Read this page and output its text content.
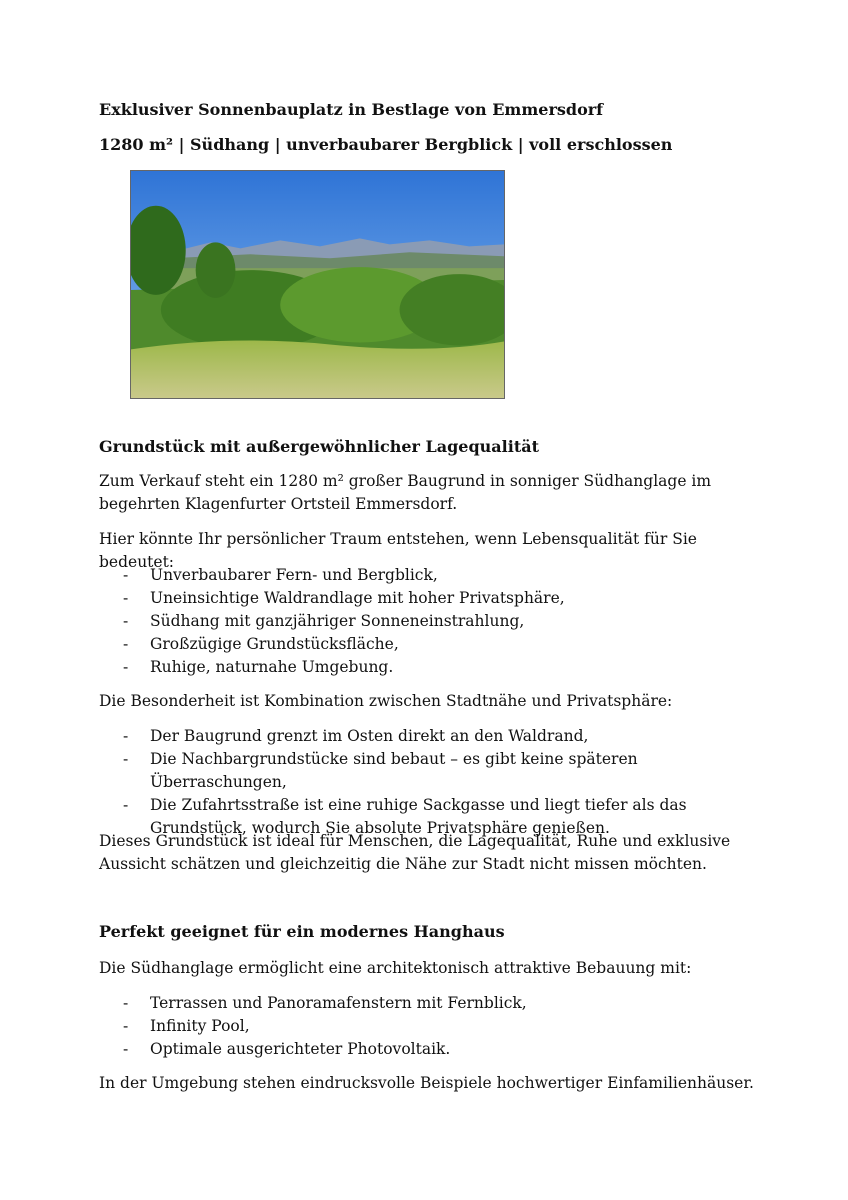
Exklusiver Sonnenbauplatz in Bestlage von Emmersdorf
1280 m² | Südhang | unverbaubarer Bergblick | voll erschlossen
Grundstück mit außergewöhnlicher Lagequalität
Zum Verkauf steht ein 1280 m² großer Baugrund in sonniger Südhanglage im begehrten Klagenfurter Ortsteil Emmersdorf.
Hier könnte Ihr persönlicher Traum entstehen, wenn Lebensqualität für Sie bedeutet:
- Unverbaubarer Fern- und Bergblick,
- Uneinsichtige Waldrandlage mit hoher Privatsphäre,
- Südhang mit ganzjähriger Sonneneinstrahlung,
- Großzügige Grundstücksfläche,
- Ruhige, naturnahe Umgebung.
Die Besonderheit ist Kombination zwischen Stadtnähe und Privatsphäre:
- Der Baugrund grenzt im Osten direkt an den Waldrand,
- Die Nachbargrundstücke sind bebaut – es gibt keine späteren Überraschungen,
- Die Zufahrtsstraße ist eine ruhige Sackgasse und liegt tiefer als das Grundstück, wodurch Sie absolute Privatsphäre genießen.
Dieses Grundstück ist ideal für Menschen, die Lagequalität, Ruhe und exklusive Aussicht schätzen und gleichzeitig die Nähe zur Stadt nicht missen möchten.
Perfekt geeignet für ein modernes Hanghaus
Die Südhanglage ermöglicht eine architektonisch attraktive Bebauung mit:
- Terrassen und Panoramafenstern mit Fernblick,
- Infinity Pool,
- Optimale ausgerichteter Photovoltaik.
In der Umgebung stehen eindrucksvolle Beispiele hochwertiger Einfamilienhäuser.
